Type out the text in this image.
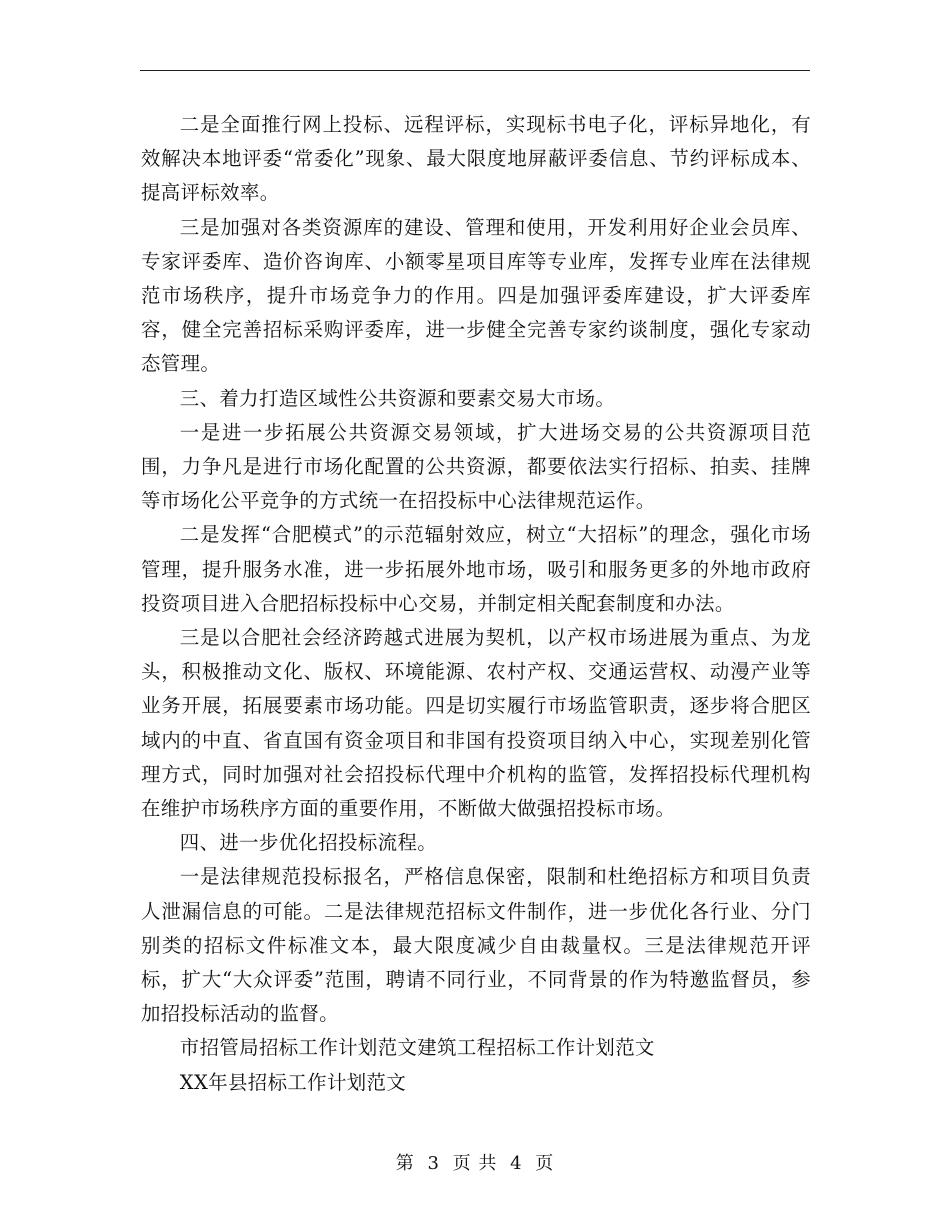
二是全面推行网上投标、远程评标，实现标书电子化，评标异地化，有效解决本地评委“常委化”现象、最大限度地屏蔽评委信息、节约评标成本、提高评标效率。

三是加强对各类资源库的建设、管理和使用，开发利用好企业会员库、专家评委库、造价咨询库、小额零星项目库等专业库，发挥专业库在法律规范市场秩序，提升市场竞争力的作用。四是加强评委库建设，扩大评委库容，健全完善招标采购评委库，进一步健全完善专家约谈制度，强化专家动态管理。

三、着力打造区域性公共资源和要素交易大市场。

一是进一步拓展公共资源交易领域，扩大进场交易的公共资源项目范围，力争凡是进行市场化配置的公共资源，都要依法实行招标、拍卖、挂牌等市场化公平竞争的方式统一在招投标中心法律规范运作。

二是发挥“合肥模式”的示范辐射效应，树立“大招标”的理念，强化市场管理，提升服务水准，进一步拓展外地市场，吸引和服务更多的外地市政府投资项目进入合肥招标投标中心交易，并制定相关配套制度和办法。

三是以合肥社会经济跨越式进展为契机，以产权市场进展为重点、为龙头，积极推动文化、版权、环境能源、农村产权、交通运营权、动漫产业等业务开展，拓展要素市场功能。四是切实履行市场监管职责，逐步将合肥区域内的中直、省直国有资金项目和非国有投资项目纳入中心，实现差别化管理方式，同时加强对社会招投标代理中介机构的监管，发挥招投标代理机构在维护市场秩序方面的重要作用，不断做大做强招投标市场。

四、进一步优化招投标流程。

一是法律规范投标报名，严格信息保密，限制和杜绝招标方和项目负责人泄漏信息的可能。二是法律规范招标文件制作，进一步优化各行业、分门别类的招标文件标准文本，最大限度减少自由裁量权。三是法律规范开评标，扩大“大众评委”范围，聘请不同行业，不同背景的作为特邀监督员，参加招投标活动的监督。

市招管局招标工作计划范文建筑工程招标工作计划范文

XX年县招标工作计划范文

第 3 页 共 4 页
